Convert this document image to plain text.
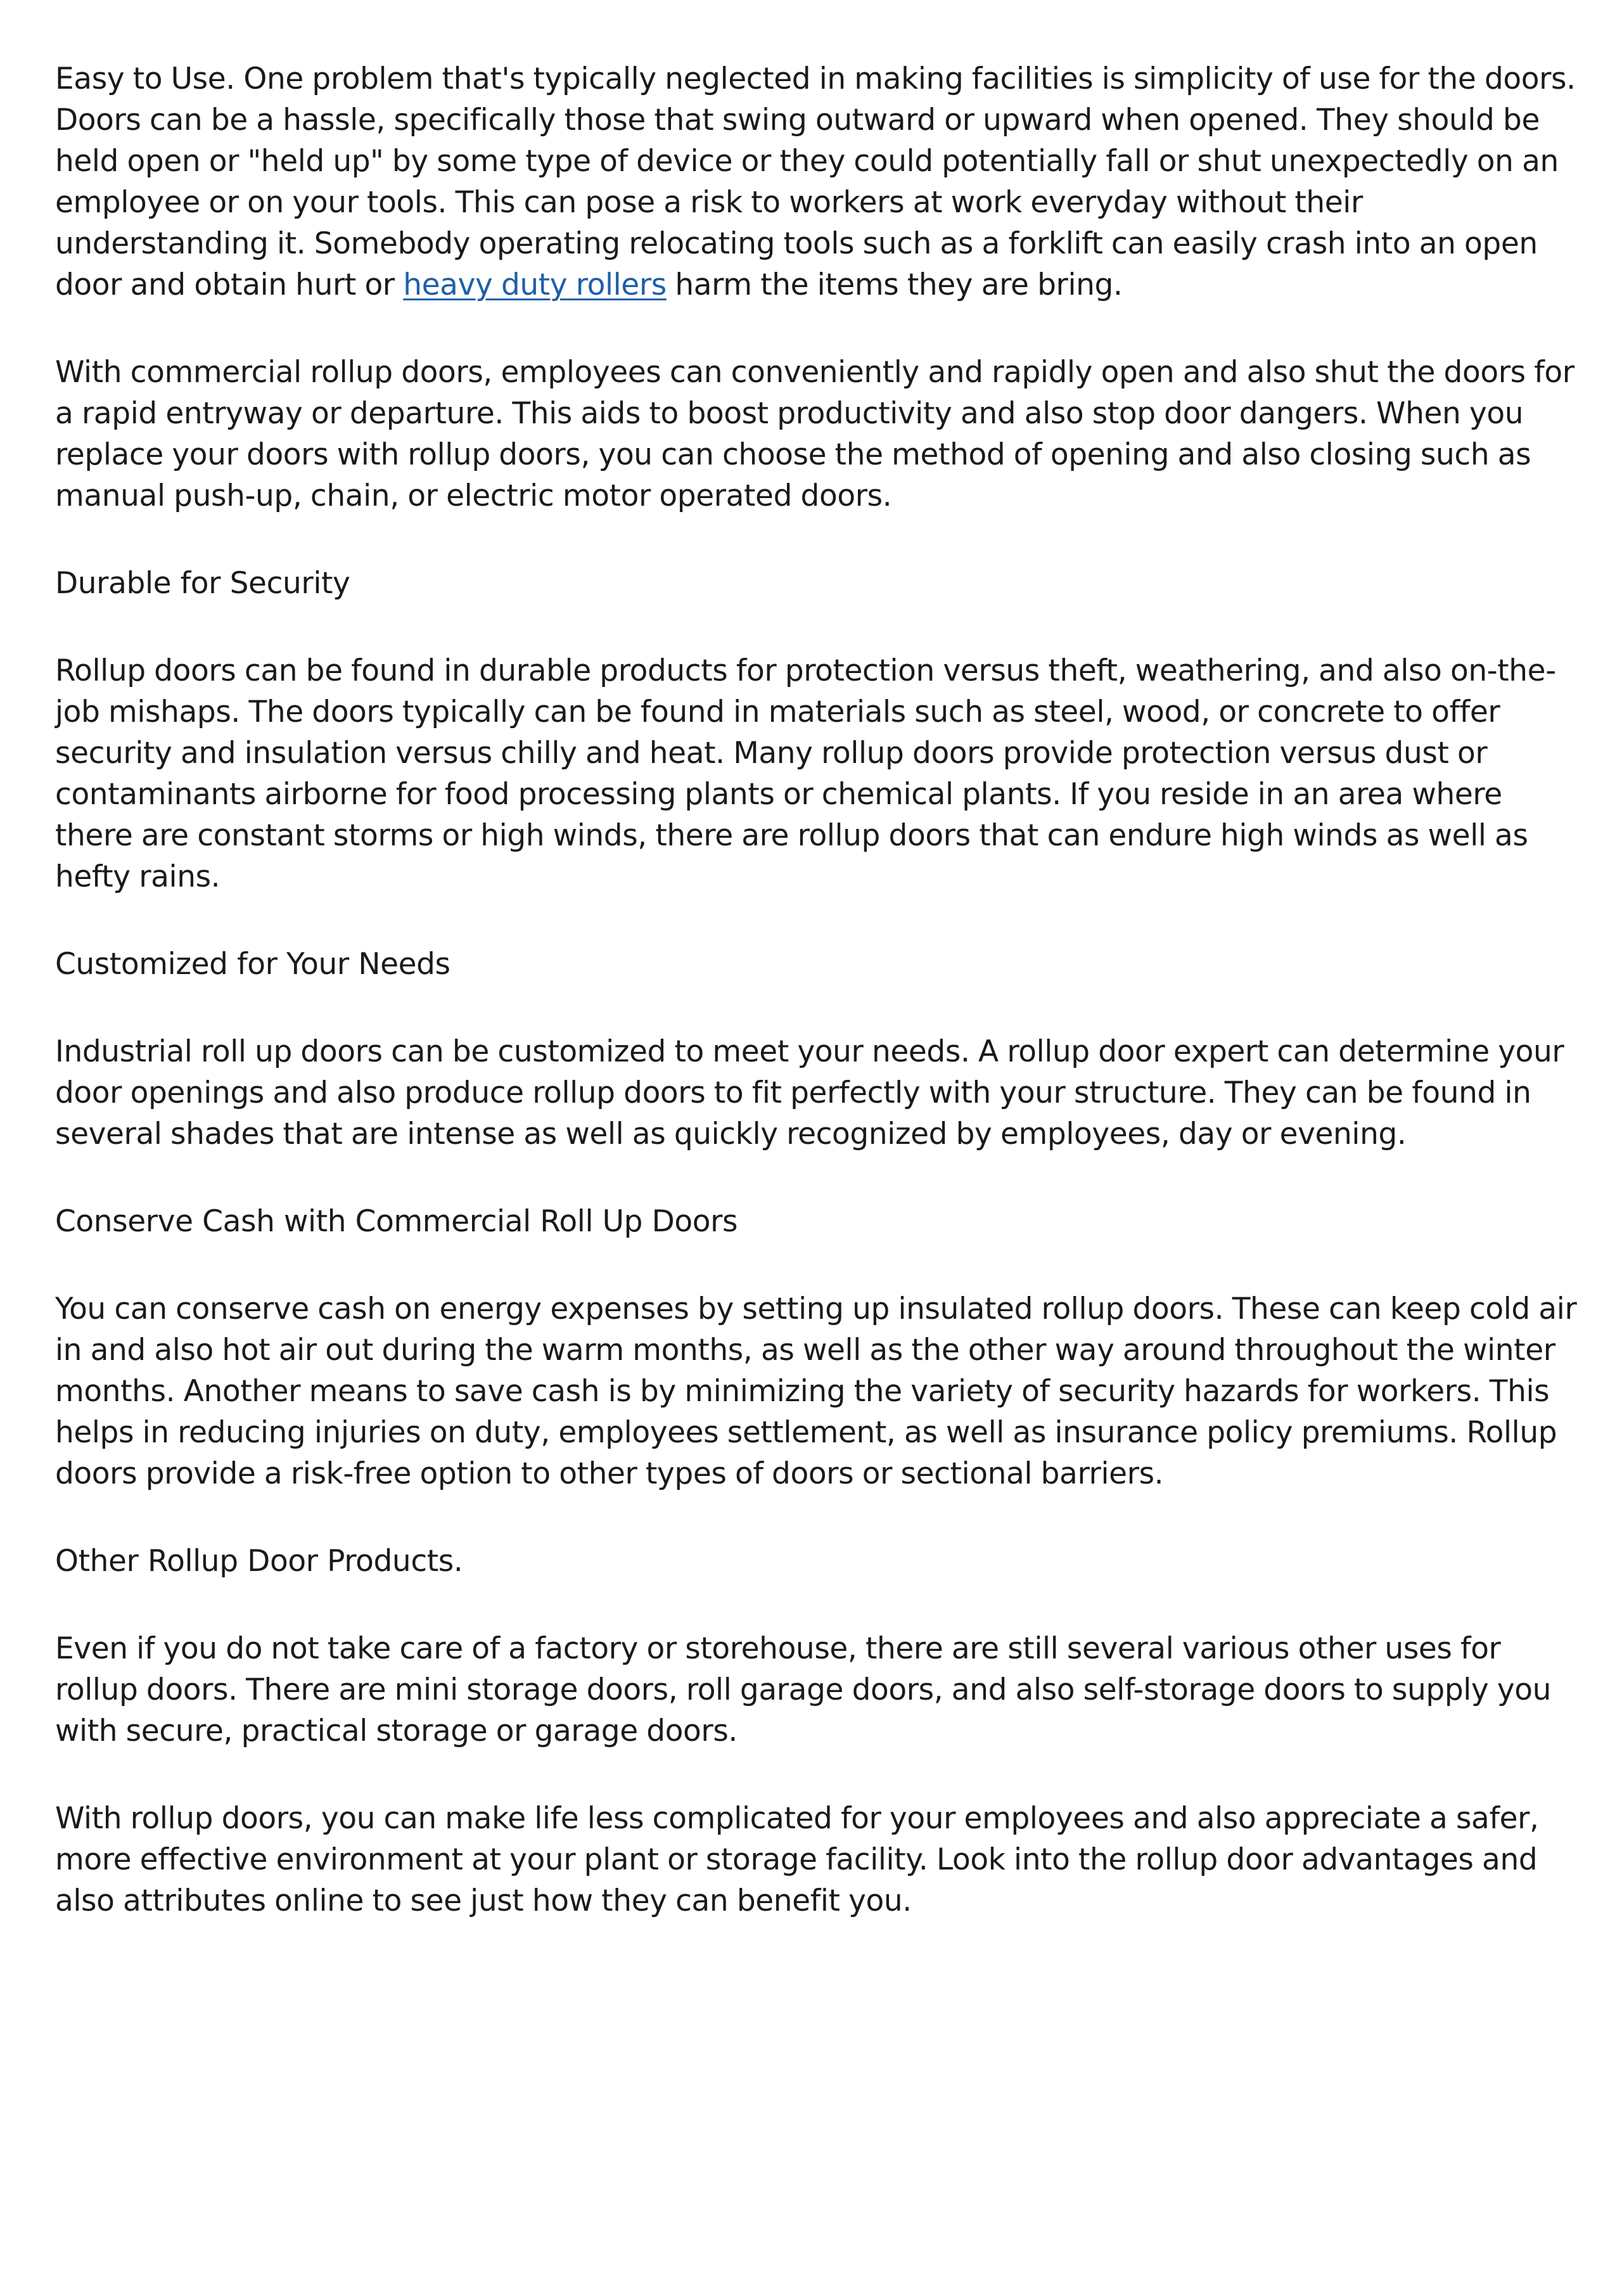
Easy to Use. One problem that's typically neglected in making facilities is simplicity of use for the doors. Doors can be a hassle, specifically those that swing outward or upward when opened. They should be held open or "held up" by some type of device or they could potentially fall or shut unexpectedly on an employee or on your tools. This can pose a risk to workers at work everyday without their understanding it. Somebody operating relocating tools such as a forklift can easily crash into an open door and obtain hurt or heavy duty rollers harm the items they are bring.

With commercial rollup doors, employees can conveniently and rapidly open and also shut the doors for a rapid entryway or departure. This aids to boost productivity and also stop door dangers. When you replace your doors with rollup doors, you can choose the method of opening and also closing such as manual push-up, chain, or electric motor operated doors.

Durable for Security

Rollup doors can be found in durable products for protection versus theft, weathering, and also on-the-job mishaps. The doors typically can be found in materials such as steel, wood, or concrete to offer security and insulation versus chilly and heat. Many rollup doors provide protection versus dust or contaminants airborne for food processing plants or chemical plants. If you reside in an area where there are constant storms or high winds, there are rollup doors that can endure high winds as well as hefty rains.

Customized for Your Needs

Industrial roll up doors can be customized to meet your needs. A rollup door expert can determine your door openings and also produce rollup doors to fit perfectly with your structure. They can be found in several shades that are intense as well as quickly recognized by employees, day or evening.

Conserve Cash with Commercial Roll Up Doors

You can conserve cash on energy expenses by setting up insulated rollup doors. These can keep cold air in and also hot air out during the warm months, as well as the other way around throughout the winter months. Another means to save cash is by minimizing the variety of security hazards for workers. This helps in reducing injuries on duty, employees settlement, as well as insurance policy premiums. Rollup doors provide a risk-free option to other types of doors or sectional barriers.

Other Rollup Door Products.

Even if you do not take care of a factory or storehouse, there are still several various other uses for rollup doors. There are mini storage doors, roll garage doors, and also self-storage doors to supply you with secure, practical storage or garage doors.

With rollup doors, you can make life less complicated for your employees and also appreciate a safer, more effective environment at your plant or storage facility. Look into the rollup door advantages and also attributes online to see just how they can benefit you.
